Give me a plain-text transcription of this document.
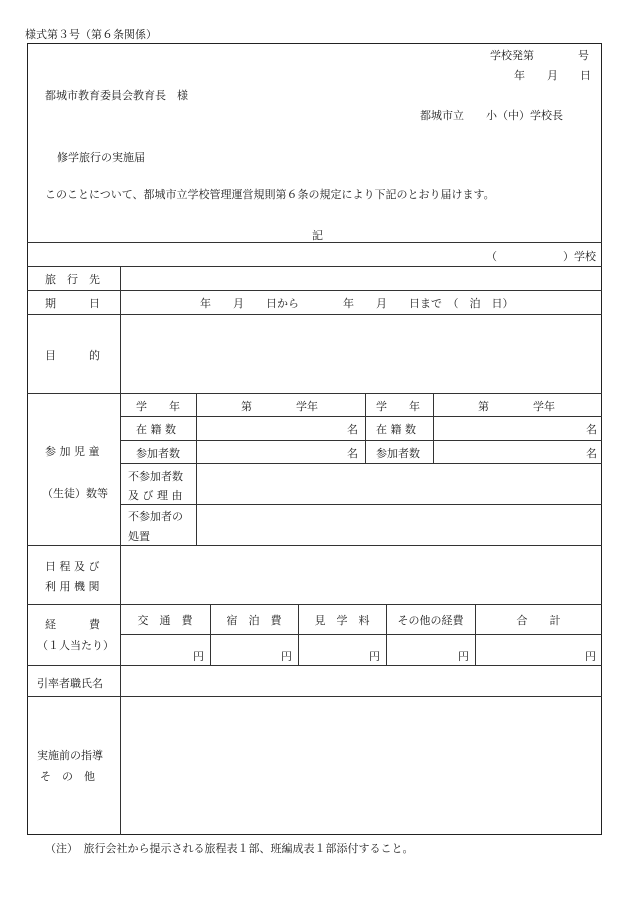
様式第３号（第６条関係）
学校発第　　　　号
年　　月　　日
都城市教育委員会教育長　様
都城市立　　小（中）学校長
修学旅行の実施届
このことについて、都城市立学校管理運営規則第６条の規定により下記のとおり届けます。
記
（　　　　　　）学校
旅　行　先
期　　　日	年　　月　　日から　　　　年　　月　　日まで　（　泊　日）
目　　　的
参 加 児 童
（生徒）数等
学　　年	第　　　　学年	学　　年	第　　　　学年
在 籍 数	名 在 籍 数	名
参加者数	名 参加者数	名
不参加者数
及 び 理 由
不参加者の
処置
日 程 及 び
利 用 機 関
経　　　費
（１人当たり）
交　通　費	宿　泊　費	見　学　料	その他の経費	合　　計
円	円	円	円	円
引率者職氏名
実施前の指導
そ　の　他
（注）　旅行会社から提示される旅程表１部、班編成表１部添付すること。
